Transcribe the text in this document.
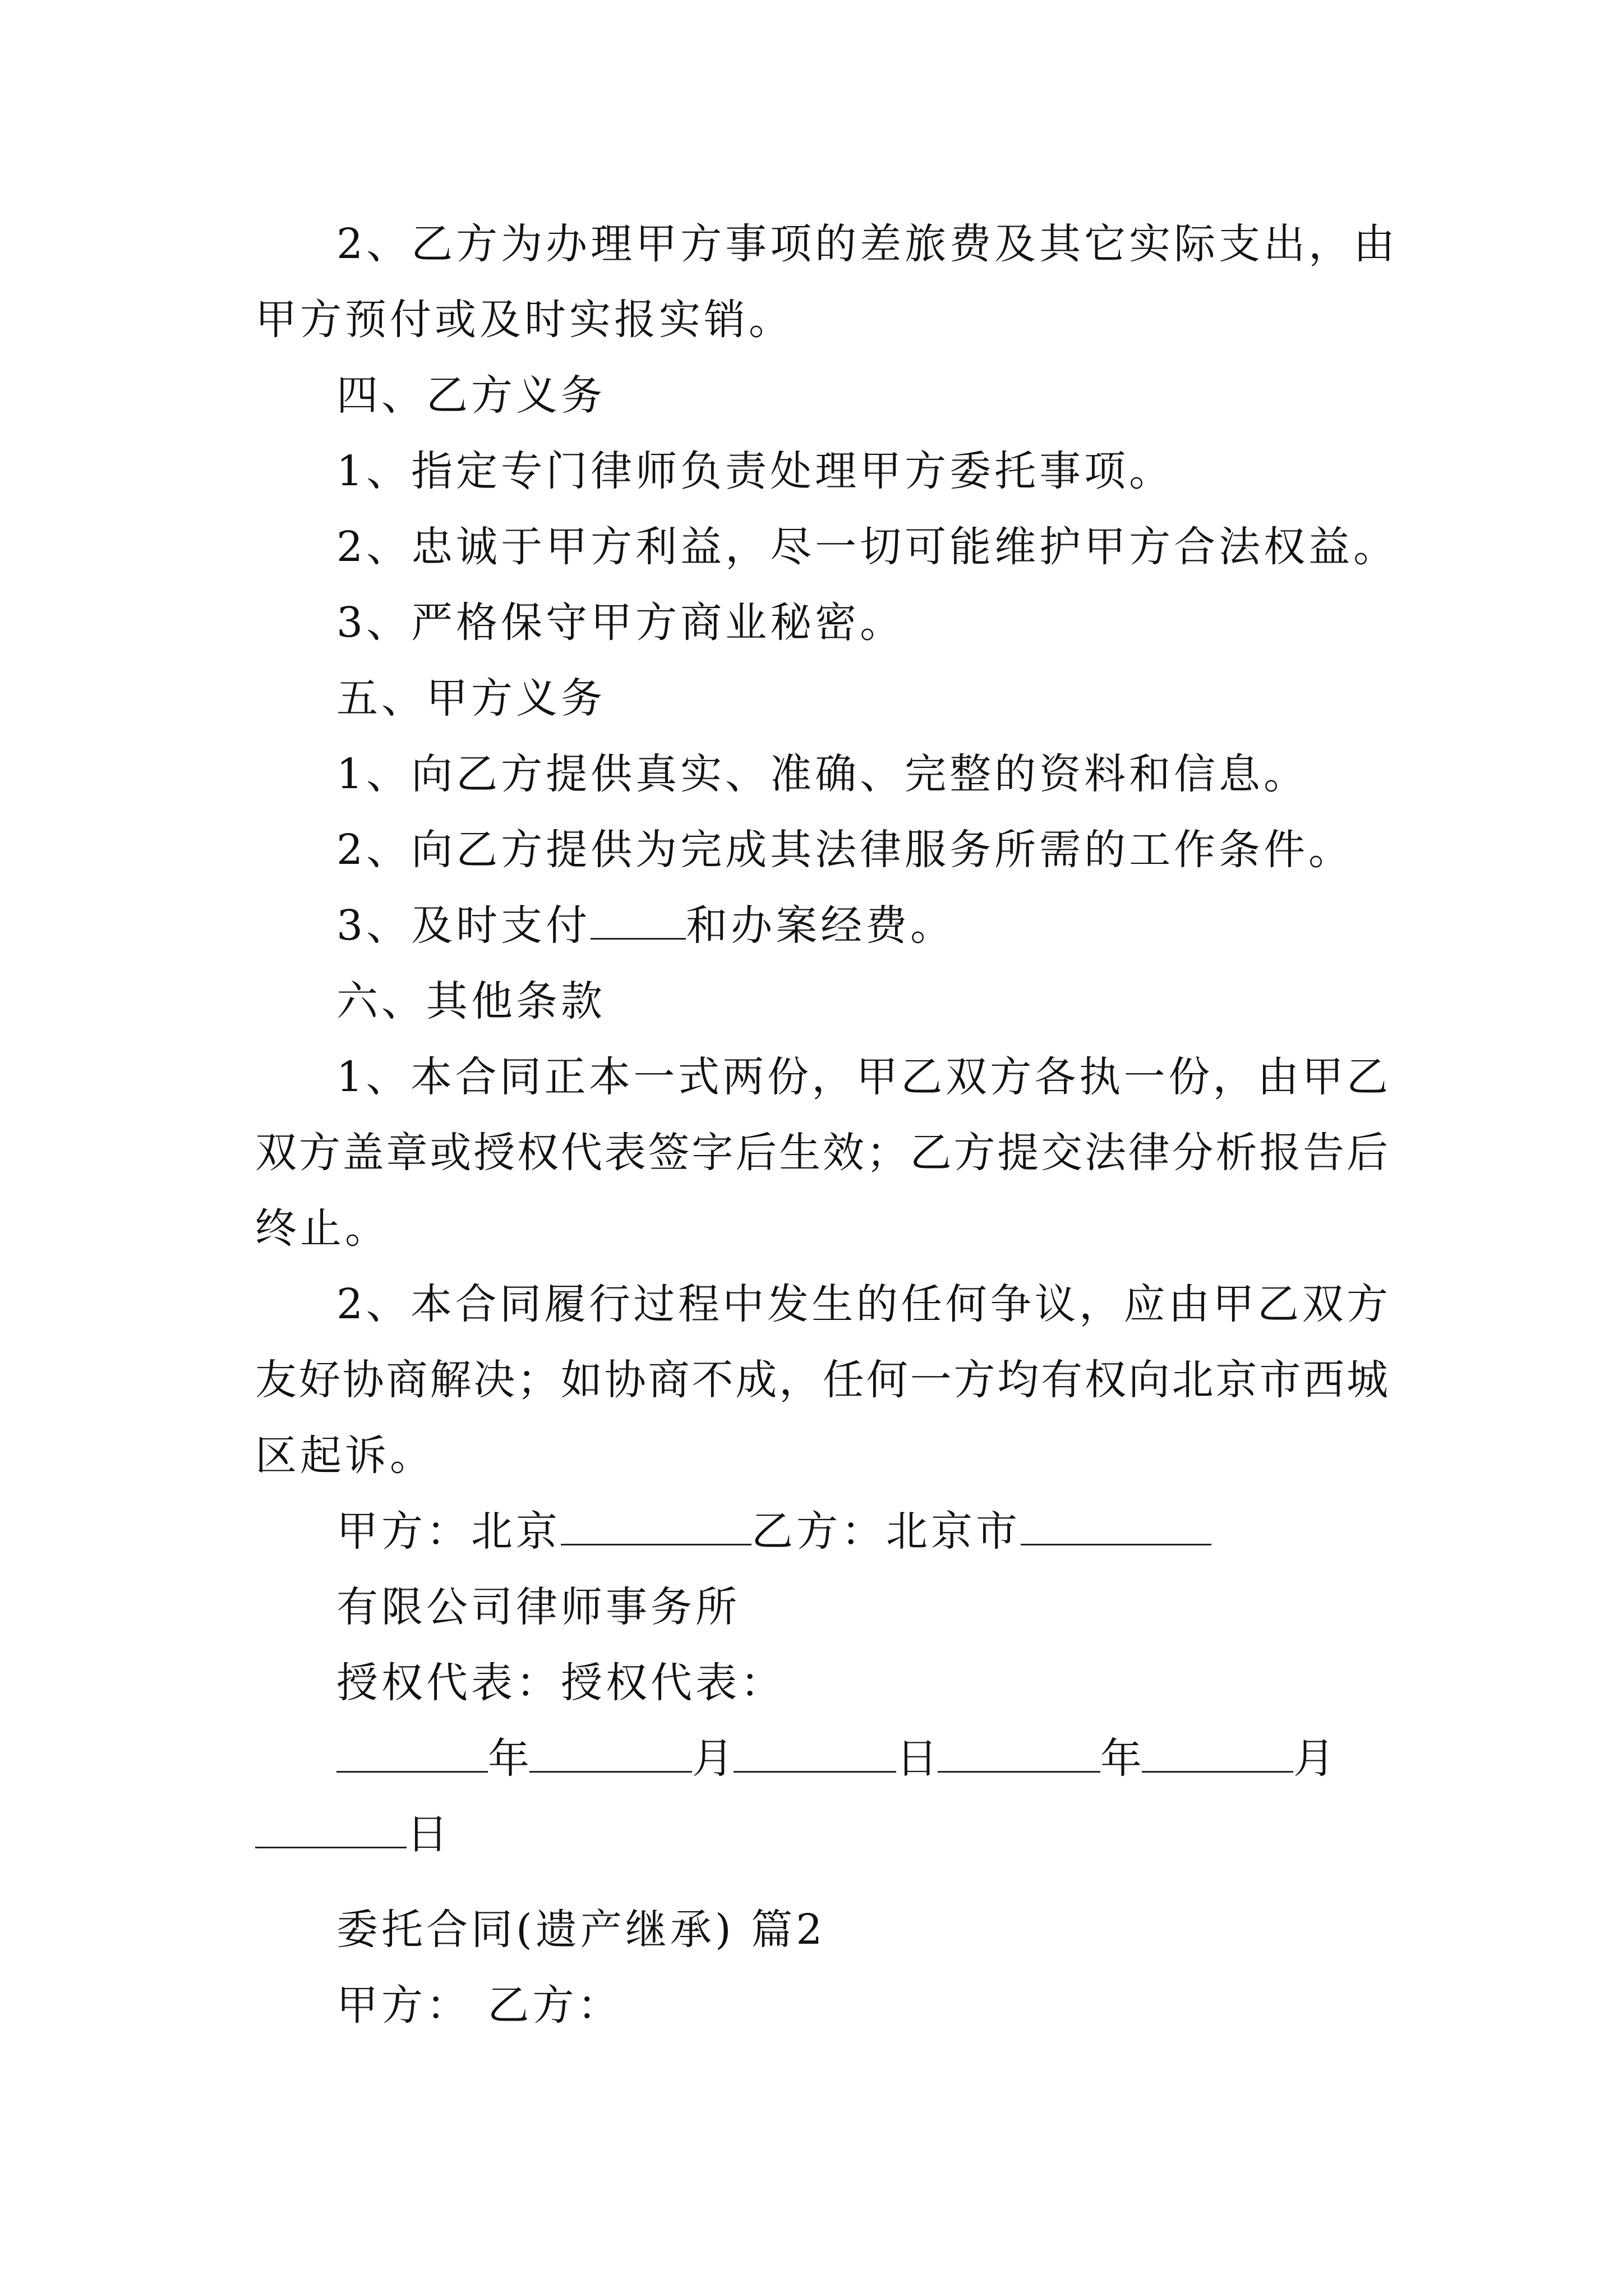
2、乙方为办理甲方事项的差旅费及其它实际支出，由
甲方预付或及时实报实销。
四、乙方义务
1、指定专门律师负责处理甲方委托事项。
2、忠诚于甲方利益，尽一切可能维护甲方合法权益。
3、严格保守甲方商业秘密。
五、甲方义务
1、向乙方提供真实、准确、完整的资料和信息。
2、向乙方提供为完成其法律服务所需的工作条件。
3、及时支付 和办案经费。
六、其他条款
1、本合同正本一式两份，甲乙双方各执一份，由甲乙
双方盖章或授权代表签字后生效；乙方提交法律分析报告后
终止。
2、本合同履行过程中发生的任何争议，应由甲乙双方
友好协商解决；如协商不成，任何一方均有权向北京市西城
区起诉。
甲方：北京	乙方：北京市
有限公司律师事务所
授权代表：授权代表：
年	月	日	年	月
日
委托合同(遗产继承) 篇2
甲方： 乙方：
